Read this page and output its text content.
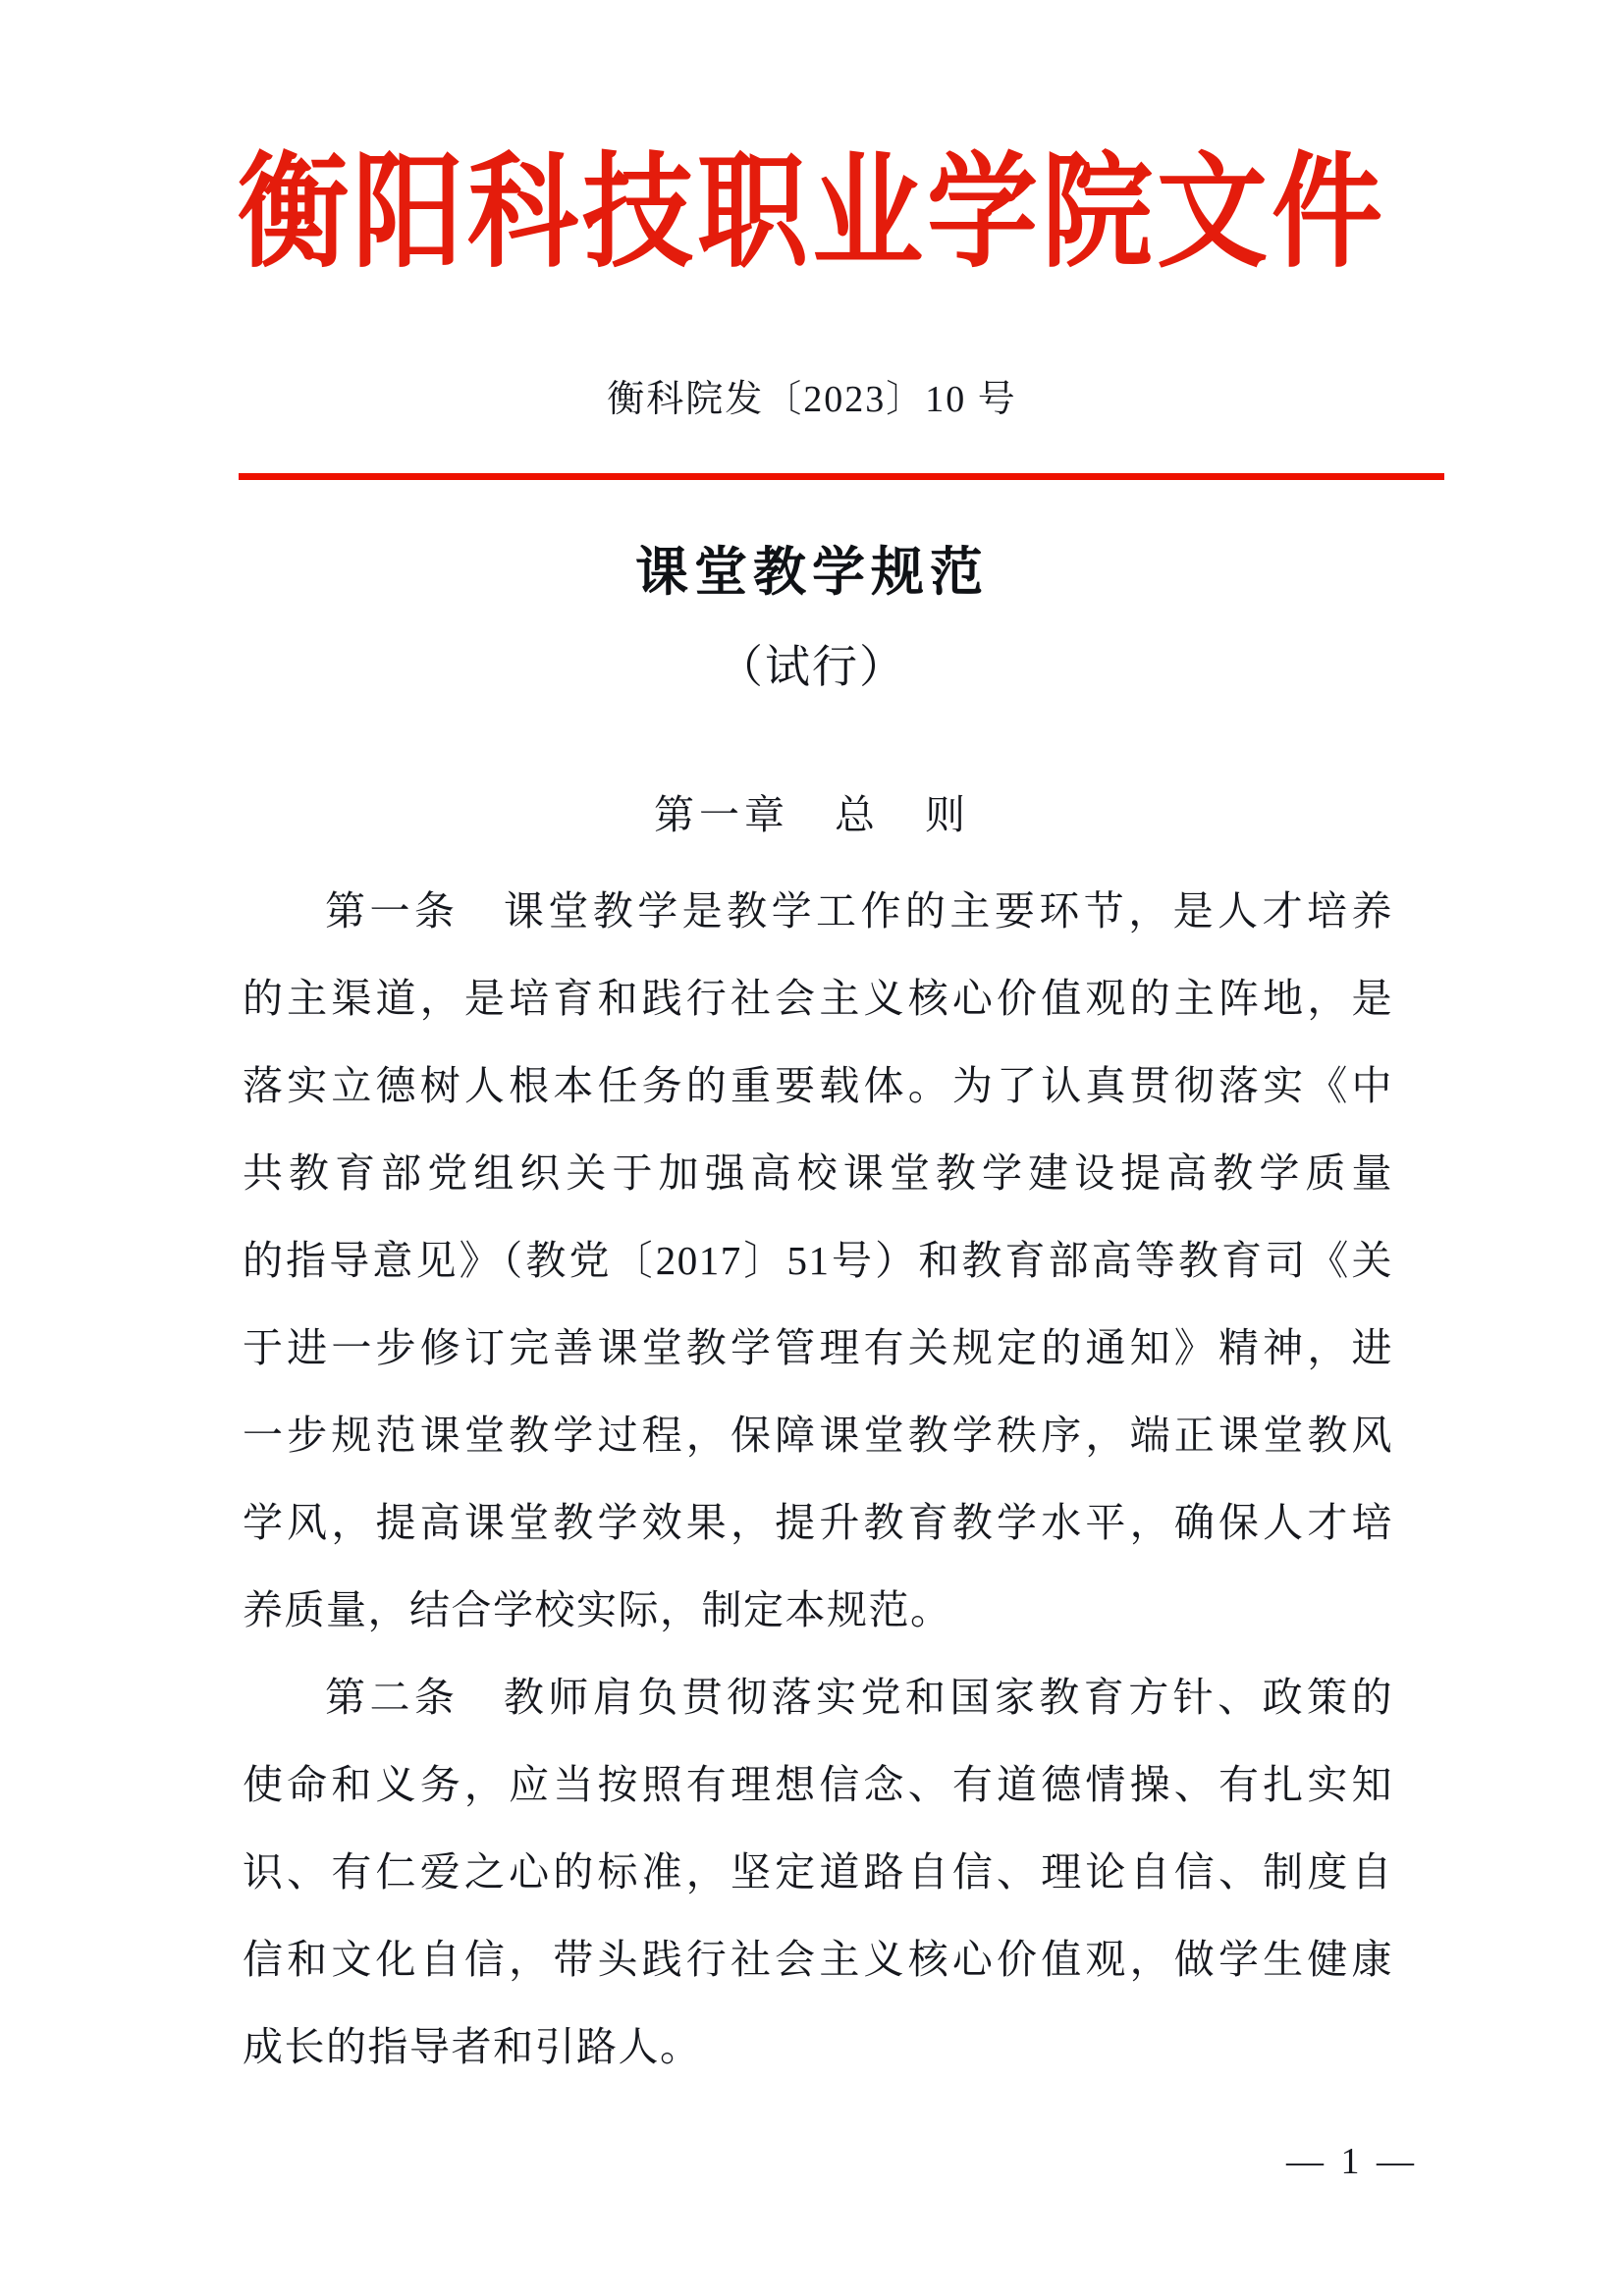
衡阳科技职业学院文件
衡科院发〔2023〕10 号
课堂教学规范
（试行）
第一章　总　则

第一条　课堂教学是教学工作的主要环节，是人才培养
的主渠道，是培育和践行社会主义核心价值观的主阵地，是
落实立德树人根本任务的重要载体。为了认真贯彻落实《中
共教育部党组织关于加强高校课堂教学建设提高教学质量
的指导意见》（教党〔2017〕51号）和教育部高等教育司《关
于进一步修订完善课堂教学管理有关规定的通知》精神，进
一步规范课堂教学过程，保障课堂教学秩序，端正课堂教风
学风，提高课堂教学效果，提升教育教学水平，确保人才培
养质量，结合学校实际，制定本规范。

第二条　教师肩负贯彻落实党和国家教育方针、政策的
使命和义务，应当按照有理想信念、有道德情操、有扎实知
识、有仁爱之心的标准，坚定道路自信、理论自信、制度自
信和文化自信，带头践行社会主义核心价值观，做学生健康
成长的指导者和引路人。

— 1 —
